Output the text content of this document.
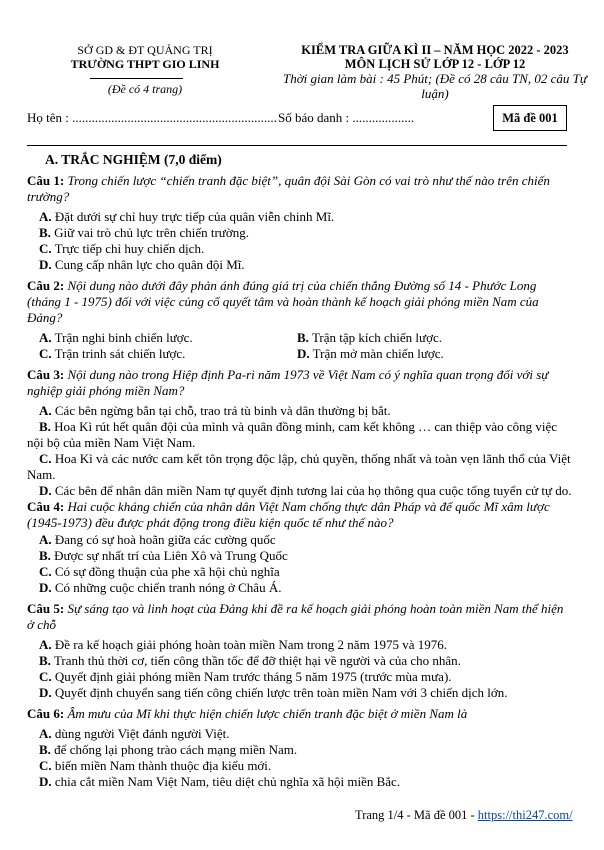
SỞ GD & ĐT QUẢNG TRỊ
TRƯỜNG THPT GIO LINH
(Đề có 4 trang)
KIỂM TRA GIỮA KÌ II – NĂM HỌC 2022 - 2023
MÔN LỊCH SỬ LỚP 12 - LỚP 12
Thời gian làm bài : 45 Phút; (Đề có 28 câu TN, 02 câu Tự luận)
Họ tên : ............................................................... Số báo danh : ...................	Mã đề 001
A. TRẮC NGHIỆM (7,0 điểm)
Câu 1: Trong chiến lược “chiến tranh đặc biệt”, quân đội Sài Gòn có vai trò như thế nào trên chiến trường?
A. Đặt dưới sự chỉ huy trực tiếp của quân viễn chinh Mĩ.
B. Giữ vai trò chủ lực trên chiến trường.
C. Trực tiếp chỉ huy chiến dịch.
D. Cung cấp nhân lực cho quân đội Mĩ.
Câu 2: Nội dung nào dưới đây phản ánh đúng giá trị của chiến thắng Đường số 14 - Phước Long (tháng 1 - 1975) đối với việc củng cố quyết tâm và hoàn thành kế hoạch giải phóng miền Nam của Đảng?
A. Trận nghi binh chiến lược.	B. Trận tập kích chiến lược.
C. Trận trinh sát chiến lược.	D. Trận mở màn chiến lược.
Câu 3: Nội dung nào trong Hiệp định Pa-ri năm 1973 về Việt Nam có ý nghĩa quan trọng đối với sự nghiệp giải phóng miền Nam?
A. Các bên ngừng bắn tại chỗ, trao trả tù binh và dân thường bị bắt.
B. Hoa Kì rút hết quân đội của mình và quân đồng minh, cam kết không … can thiệp vào công việc nội bộ của miền Nam Việt Nam.
C. Hoa Kì và các nước cam kết tôn trọng độc lập, chủ quyền, thống nhất và toàn vẹn lãnh thổ của Việt Nam.
D. Các bên để nhân dân miền Nam tự quyết định tương lai của họ thông qua cuộc tổng tuyển cử tự do.
Câu 4: Hai cuộc kháng chiến của nhân dân Việt Nam chống thực dân Pháp và đế quốc Mĩ xâm lược (1945-1973) đều được phát động trong điều kiện quốc tế như thế nào?
A. Đang có sự hoà hoãn giữa các cường quốc
B. Được sự nhất trí của Liên Xô và Trung Quốc
C. Có sự đồng thuận của phe xã hội chủ nghĩa
D. Có những cuộc chiến tranh nóng ở Châu Á.
Câu 5: Sự sáng tạo và linh hoạt của Đảng khi đề ra kế hoạch giải phóng hoàn toàn miền Nam thể hiện ở chỗ
A. Đề ra kế hoạch giải phóng hoàn toàn miền Nam trong 2 năm 1975 và 1976.
B. Tranh thủ thời cơ, tiến công thần tốc để đỡ thiệt hại về người và của cho nhân.
C. Quyết định giải phóng miền Nam trước tháng 5 năm 1975 (trước mùa mưa).
D. Quyết định chuyển sang tiến công chiến lược trên toàn miền Nam với 3 chiến dịch lớn.
Câu 6: Âm mưu của Mĩ khi thực hiện chiến lược chiến tranh đặc biệt ở miền Nam là
A. dùng người Việt đánh người Việt.
B. để chống lại phong trào cách mạng miền Nam.
C. biến miền Nam thành thuộc địa kiểu mới.
D. chia cắt miền Nam Việt Nam, tiêu diệt chủ nghĩa xã hội miền Bắc.
Trang 1/4 - Mã đề 001 - https://thi247.com/
